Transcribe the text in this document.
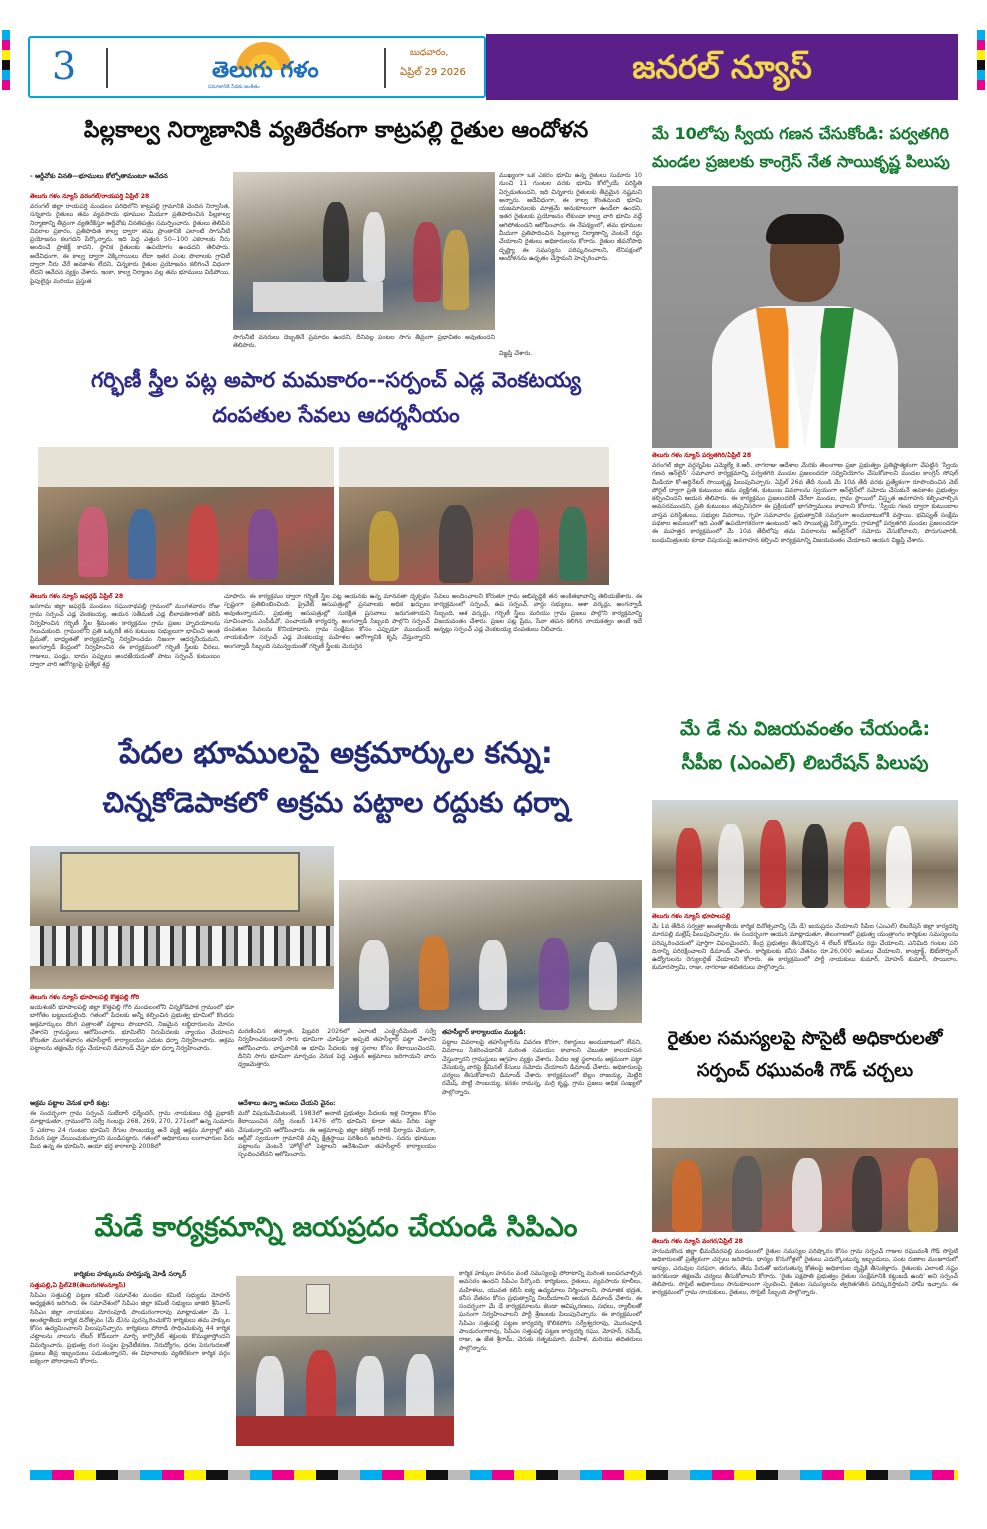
3	తెలుగు గళం
సమాజానికి సేవకు అంకితం
బుధవారం,
ఏప్రిల్ 29 2026	జనరల్ న్యూస్
పిల్లకాల్వ నిర్మాణానికి వ్యతిరేకంగా కాట్రపల్లి రైతుల ఆందోళన
- ఆర్డీవోకు వినతి—భూములు కోల్పోతామంటూ ఆవేదన
తెలుగు గళం న్యూస్ వరంగల్/రాయపర్తి ఏప్రిల్ 28
వరంగల్ జిల్లా రాయపర్తి మండలం పరిధిలోని కాట్రపల్లి గ్రామానికి చెందిన నిర్వాసిత, సన్నకారు రైతులు తమ వ్యవసాయ భూముల మీదుగా ప్రతిపాదించిన పిల్లకాల్వ నిర్మాణాన్ని తీవ్రంగా వ్యతిరేకిస్తూ ఆర్డీవోకు వినతిపత్రం సమర్పించారు. రైతులు తెలిపిన వివరాల ప్రకారం, ప్రతిపాదిత కాల్వ ద్వారా తమ ప్రాంతానికి ఎలాంటి సాగునీటి ప్రయోజనం కలగదని పేర్కొన్నారు. ఇది పెద్ద ఎత్తున 50--100 ఎకరాలకు నీరు అందించే ప్రాజెక్ట్ కాదని, స్థానిక రైతులకు ఉపయోగం ఉండదని తెలిపారు. అదేవిధంగా, ఈ కాల్వ ద్వారా వెక్కిరాయిలు లేదా ఇతర పంట పొలాలకు గ్రావిటీ ద్వారా నీరు చేరే అవకాశం లేదని, చిన్నకారు రైతుల ప్రయోజనం కలిగించే విధంగా లేదని ఆవేదన వ్యక్తం చేశారు. ఇంకా, కాల్వ నిర్మాణం వల్ల తమ భూములు విడిపోయి, పైపులైన్లు మరియు ప్రస్తుత
సాగునీటి వనరులు దెబ్బతినే ప్రమాదం ఉందని, దీనివల్ల పంటల సాగు తీవ్రంగా ప్రభావితం అవుతుందని తెలిపారు.
ముఖ్యంగా ఒక ఎకరం భూమి ఉన్న రైతులు సుమారు 10 నుంచి 11 గుంటల వరకు భూమి కోల్పోయే పరిస్థితి ఏర్పడుతుందని, ఇది చిన్నకారు రైతులకు తీవ్రమైన నష్టమని అన్నారు. అదేవిధంగా, ఈ కాల్వ కొంతమంది భూమి యజమానులకు మాత్రమే అనుకూలంగా ఉండేలా ఉందని, ఇతర రైతులకు ప్రయోజనం లేకుండా కాల్వ వారి భూమి వద్దే ఆగిపోతుందని ఆరోపించారు. ఈ నేపథ్యంలో, తమ భూముల మీదుగా ప్రతిపాదించిన పిల్లకాల్వ నిర్మాణాన్ని వెంటనే రద్దు చేయాలని రైతులు అధికారులను కోరారు. రైతుల జీవనోపాధి దృష్ట్యా ఈ సమస్యను పరిష్కరించాలని, లేనిపక్షంలో ఆందోళనను ఉధృతం చేస్తామని హెచ్చరించారు.
విజ్ఞప్తి చేశారు.
గర్భిణీ స్త్రీల పట్ల అపార మమకారం--సర్పంచ్ ఎడ్ల వెంకటయ్య
దంపతుల సేవలు ఆదర్శనీయం
తెలుగు గళం న్యూస్ జఫర్గఢ్ ఏప్రిల్ 28
జనగామ జిల్లా జఫర్గఢ్ మండలం రఘునాథపల్లి గ్రామంలో మంగళవారం రోజు గ్రామ సర్పంచ్ ఎడ్ల వెంకటయ్య, ఆయన సతీమణి ఎడ్ల లీలావతిగారితో కలిసి నిర్వహించిన గర్భిణీ స్త్రీల శ్రీమంతం కార్యక్రమం గ్రామ ప్రజల హృదయాలను గెలుచుకుంది. గ్రామంలోని ప్రతి ఒక్కరికీ తన కుటుంబ సభ్యులుగా భావించి అంత ప్రేమతో, బాధ్యతతో కార్యక్రమాన్ని నిర్వహించడం నిజంగా ఆదర్శనీయమని, అంగన్వాడీ కేంద్రంలో నిర్వహించిన ఈ కార్యక్రమంలో గర్భిణీ స్త్రీలకు చీరలు, గాజులు, పండ్లు, బాదం పప్పులు అందజేయడంతో పాటు సర్పంచ్ కుటుంబం ద్వారా వారి ఆరోగ్యంపై ప్రత్యేక శ్రద్ధ
చూపారు. ఈ కార్యక్రమం ద్వారా గర్భిణీ స్త్రీల పట్ల ఆయనకు ఉన్న మానవతా దృక్పథం స్పష్టంగా ప్రతిబింబించింది. ప్రైవేట్ ఆసుపత్రుల్లో ప్రసవాలకు అధిక ఖర్చులు అవుతున్నాయని, ప్రభుత్వ ఆసుపత్రుల్లో సురక్షిత ప్రసవాలు జరుగుతాయని సూచించారు. ఎంపీడీవో, పంచాయతీ కార్యదర్శి, అంగన్వాడీ సిబ్బంది పాల్గొని సర్పంచ్ దంపతుల సేవలను కొనియాడారు. గ్రామ సంక్షేమం కోసం ఎప్పుడూ ముందుండే నాయకుడిగా సర్పంచ్ ఎడ్ల వెంకటయ్య మహిళల ఆరోగ్యానికి కృషి చేస్తున్నారని అంగన్వాడీ సిబ్బంది సమన్వయంతో గర్భిణీ స్త్రీలకు మెరుగైన
సేవలు అందించాలని కోరుతూ గ్రామ అభివృద్ధికి తన అంకితభావాన్ని తెలియజేశారు. ఈ కార్యక్రమంలో సర్పంచ్, ఉప సర్పంచ్, వార్డు సభ్యులు, ఆశా వర్కర్లు, అంగన్వాడీ సిబ్బంది, ఆశ వర్కర్లు, గర్భిణీ స్త్రీలు మరియు గ్రామ ప్రజలు పాల్గొని కార్యక్రమాన్ని విజయవంతం చేశారు. ప్రజల పట్ల ప్రేమ, సేవా తపన కలిగిన నాయకత్వం అంటే ఇదే అన్నట్లు సర్పంచ్ ఎడ్ల వెంకటయ్య దంపతులు నిలిచారు.
పేదల భూములపై అక్రమార్కుల కన్ను:
చిన్నకోడెపాకలో అక్రమ పట్టాల రద్దుకు ధర్నా
తెలుగు గళం న్యూస్ భూపాలపల్లి కొత్తపల్లి గోరి
జయశంకర్ భూపాలపల్లి జిల్లా కొత్తపల్లి గోరి మండలంలోని చిన్నకోడెపాక గ్రామంలో భూ బాగోతం బట్టబయలైంది. గతంలో పేదలకు అన్నీ కల్పించిన ప్రభుత్వ భూమిలో కొందరు అక్రమార్కులు దొంగ పత్రాలతో పట్టాలు పొందారని, నిజమైన లబ్ధిదారులను మోసం చేశారని గ్రామస్థులు ఆరోపించారు. భూమిలేని నిరుపేదలకు న్యాయం చేయాలని కోరుతూ మంగళవారం తహసీల్దార్ కార్యాలయం ఎదుట ధర్నా నిర్వహించారు. అక్రమ పట్టాలను తక్షణమే రద్దు చేయాలని డిమాండ్ చేస్తూ భూ ధర్నా నిర్వహించారు.
అక్రమ పట్టాల వెనుక భారీ కుట్ర:
ఈ సందర్భంగా గ్రామ సర్పంచ్ సుబేదార్ ధర్మేందర్, గ్రామ నాయకులు రెడ్డి ప్రభాకర్ మాట్లాడుతూ, గ్రామంలోని సర్వే నంబర్లు 268, 269, 270, 271లలో ఉన్న సుమారు 5 ఎకరాల 24 గుంటల భూమిని రేగుల సాంబయ్య అనే వ్యక్తి అక్రమ మార్గాల్లో తన పేరున పట్టా చేయించుకున్నారని మండిపడ్డారు. గతంలో అధికారులు లంగాచారుల పేరు మీద ఉన్న ఈ భూమిని, ఆయా భర్త కారాలాపై 2008లో
మరణించిన తర్వాత, ఫిబ్రవరి 2026లో ఎలాంటి ఎంక్వైరీమెంట్ సర్వే నిర్వహించకుండానే సాగు భూమిగా చూపిస్తూ అప్పటి తహసీల్దార్ పట్టా చేశారని ఆరోపించారు. వాస్తవానికి ఆ భూమి పేదలకు ఇళ్ల స్థలాల కోసం కేటాయించిందని, దీనిని సాగు భూమిగా మార్చడం వెనుక పెద్ద ఎత్తున అక్రమాలు జరిగాయని వారు ధ్వజమెత్తారు.
ఆదేశాలు ఉన్నా అమలు చేయని వైనం:
మరో విషయమేమిటంటే, 1983లో అనాటి ప్రభుత్వం పేదలకు ఇళ్ల నిర్మాణం కోసం కేటాయించిన సర్వే నంబర్ 1476 లోని భూమిని కూడా తమ పేరిట పట్టా చేసుకున్నారని ఆరోపించారు. ఈ అక్రమాలపై జిల్లా కలెక్టర్ గారికి ఫిర్యాదు చేయగా, ఆర్డీవో స్వయంగా గ్రామానికి వచ్చి క్షేత్రస్థాయి పరిశీలన జరిపారు. సదరు భూముల పట్టాలను వెంటనే 'హోల్డ్'లో పెట్టాలని ఆదేశించినా తహసీల్దార్ కార్యాలయం స్పందించలేదని ఆరోపించారు.
తహసీల్దార్ కార్యాలయం ముట్టడి:
పట్టాల వివరాలపై తహసీల్దార్‌ను వివరణ కోరగా, రికార్డులు అందుబాటులో లేవని, వివరాలు సేకరించడానికి మరింత సమయం కావాలని చెబుతూ కాలయాపన చేస్తున్నారని గ్రామస్థులు ఆగ్రహం వ్యక్తం చేశారు. పేదల ఇళ్ల స్థలాలను అక్రమంగా పట్టా చేసుకున్న వారిపై క్రిమినల్ కేసులు నమోదు చేయాలని డిమాండ్ చేశారు. అధికారులపై చర్యలు తీసుకోవాలని డిమాండ్ చేశారు. కార్యక్రమంలో బెల్లం రాజయ్య, మెట్టిరి రమేష్, పొట్టి సాంబయ్య, కనకం రామన్న, మర్రి కృష్ణ, గ్రామ ప్రజలు అధిక సంఖ్యలో పాల్గొన్నారు.
మేడే కార్యక్రమాన్ని జయప్రదం చేయండి సిపిఎం
కార్మికుల హక్కులను హరిస్తున్న మోడీ సర్కార్
సత్తుపల్లి,ఏ ప్రిల్28(తెలుగుగళంన్యూస్)
సిపిఎం సత్తుపల్లి పట్టణ కమిటీ సమావేశం మండల కమిటీ సభ్యుడు మోహన్ అధ్యక్షతన జరిగింది. ఈ సమావేశంలో సిపిఎం జిల్లా కమిటీ సభ్యులు జాజిరి శ్రీనివాస్ సిపిఎం జిల్లా నాయకులు మోరంపూడి పాండురంగారావు మాట్లాడుతూ మే 1, అంతర్జాతీయ కార్మిక దినోత్సవం (మే డే)ను పురస్కరించుకొని కార్మికులు తమ హక్కుల కోసం ఉద్యమించాలని పిలుపునిచ్చారు. కార్మికులు పోరాడి సాధించుకున్న 44 కార్మిక చట్టాలను నాలుగు లేబర్ కోడ్‌లుగా మార్చి కార్పొరేట్ శక్తులకు కొమ్ముకాస్తోందని విమర్శించారు. ప్రభుత్వ రంగ సంస్థల ప్రైవేటీకరణ, నిరుద్యోగం, ధరల పెరుగుదలతో ప్రజలు తీవ్ర ఇబ్బందులు పడుతున్నారని, ఈ విధానాలకు వ్యతిరేకంగా కార్మిక వర్గం ఐక్యంగా పోరాడాలని కోరారు.
కార్మిక హక్కుల హననం వంటి సమస్యలపై పోరాటాన్ని మరింత బలపరచాల్సిన అవసరం ఉందని సిపిఎం పేర్కొంది. కార్మికులు, రైతులు, వ్యవసాయ కూలీలు, మహిళలు, యువత కలిసి ఐక్య ఉద్యమాలు నిర్మించాలని, సామాజిక భద్రత, కనీస వేతనం కోసం ప్రభుత్వాన్ని నిలదీయాలని ఆయన డిమాండ్ చేశారు. ఈ సందర్భంగా మే డే కార్యక్రమాలను జెండా ఆవిష్కరణలు, సభలు, ర్యాలీలతో ఘనంగా నిర్వహించాలని పార్టీ శ్రేణులకు పిలుపునిచ్చారు. ఈ కార్యక్రమంలో సిపిఎం సత్తుపల్లి పట్టణ కార్యదర్శి కొలికపోగు సర్వేశ్వరరావు, మొరంపూడి పాండురంగారావు, సిపిఎం సత్తుపల్లి పట్టణ కార్యదర్శి రఘు, మోహన్, రమేష్, రాజు, ఉ జేత శ్రీరామ్, చెరుకు రత్నకుమారి, మహిళ, మరియు తదితరులు పాల్గొన్నారు.
మే 10లోపు స్వీయ గణన చేసుకోండి: పర్వతగిరి
మండల ప్రజలకు కాంగ్రెస్ నేత సాయికృష్ణ పిలుపు
తెలుగు గళం న్యూస్ పర్వతగిరి/ఏప్రిల్ 28
వరంగల్ జిల్లా వర్ధన్నపేట ఎమ్మెల్యే కె.ఆర్. నాగరాజు ఆదేశాల మేరకు తెలంగాణ ప్రజా ప్రభుత్వం ప్రతిష్టాత్మకంగా చేపట్టిన 'స్వీయ గణన ఆన్‌లైన్' సమాచార కార్యక్రమాన్ని పర్వతగిరి మండల ప్రజలందరూ సద్వినియోగం చేసుకోవాలని మండల కాంగ్రెస్ సోషల్ మీడియా కో-ఆర్డినేటర్ సాయికృష్ణ పిలుపునిచ్చారు. ఏప్రిల్ 26వ తేదీ నుండి మే 10వ తేదీ వరకు ప్రత్యేకంగా రూపొందించిన వెబ్ పోర్టల్ ద్వారా ప్రతి కుటుంబం తమ వ్యక్తిగత, కుటుంబ వివరాలను స్వయంగా ఆన్‌లైన్‌లో నమోదు చేసుకునే అవకాశం ప్రభుత్వం కల్పించిందని ఆయన తెలిపారు. ఈ కార్యక్రమం ప్రజలందరికీ చేరేలా మండల, గ్రామ స్థాయిలో విస్తృత అవగాహన కల్పించాల్సిన అవసరముందని, ప్రతి కుటుంబం తప్పనిసరిగా ఈ ప్రక్రియలో భాగస్వాములు కావాలని కోరారు. 'స్వీయ గణన ద్వారా కుటుంబాల వాస్తవ పరిస్థితులు, సభ్యుల వివరాలు, గృహ సమాచారం ప్రభుత్వానికి సమగ్రంగా అందుబాటులోకి వస్తాయి. భవిష్యత్ సంక్షేమ పథకాల అమలులో ఇది ఎంతో ఉపయోగకరంగా ఉంటుంది' అని సాయికృష్ణ పేర్కొన్నారు. గ్రామాల్లో పర్వతగిరి మండల ప్రజలందరూ ఈ మహత్తర కార్యక్రమంలో మే 10వ తేదీలోపు తమ వివరాలను ఆన్‌లైన్‌లో నమోదు చేసుకోవాలని, పొరుగువారికి, బంధుమిత్రులకు కూడా విషయంపై అవగాహన కల్పించి కార్యక్రమాన్ని విజయవంతం చేయాలని ఆయన విజ్ఞప్తి చేశారు.
మే డే ను విజయవంతం చేయండి:
సీపీఐ (ఎంఎల్) లిబరేషన్ పిలుపు
తెలుగు గళం న్యూస్ భూపాలపల్లి
మే 1వ తేదీన సర్వత్రా అంతర్జాతీయ కార్మిక దినోత్సవాన్ని (మే డే) జయప్రదం చేయాలని సీపీఐ (ఎంఎల్) లిబరేషన్ జిల్లా కార్యదర్శి మారపల్లి మల్లేష్ పిలుపునిచ్చారు. ఈ సందర్భంగా ఆయన మాట్లాడుతూ, తెలంగాణలో ప్రభుత్వ యంత్రాంగం కార్మికుల సమస్యలను పరిష్కరించడంలో పూర్తిగా విఫలమైందని, కేంద్ర ప్రభుత్వం తీసుకొచ్చిన 4 లేబర్ కోడ్‌లను రద్దు చేయాలని, ఎనిమిది గంటల పని దినాన్ని పరిరక్షించాలని డిమాండ్ చేశారు. కార్మికులకు కనీస వేతనం రూ.26,000 అమలు చేయాలని, కాంట్రాక్ట్, ఔట్‌సోర్సింగ్ ఉద్యోగులను రెగ్యులరైజ్ చేయాలని కోరారు. ఈ కార్యక్రమంలో పార్టీ నాయకులు కుమార్, మోహన్ కుమార్, సాయిరాం, కుమారస్వామి, రాజు, నాగరాజు తదితరులు పాల్గొన్నారు.
రైతుల సమస్యలపై సొసైటీ అధికారులతో
సర్పంచ్ రఘువంశీ గౌడ్ చర్చలు
తెలుగు గళం న్యూస్ వంగర/ఏప్రిల్ 28
హనుమకొండ జిల్లా భీమదేవరపల్లి మండలంలో రైతుల సమస్యల పరిష్కారం కోసం గ్రామ సర్పంచ్ గాజుల రఘువంశీ గౌడ్ సొసైటీ అధికారులతో ప్రత్యేకంగా చర్చలు జరిపారు. ధాన్యం కొనుగోళ్లలో రైతులు ఎదుర్కొంటున్న ఇబ్బందులు, పంట రుణాల మంజూరులో జాప్యం, ఎరువుల సరఫరా, తరుగు, తేమ పేరుతో జరుగుతున్న కోతలపై అధికారుల దృష్టికి తీసుకెళ్లారు. రైతులకు ఎలాంటి నష్టం జరగకుండా తక్షణమే చర్యలు తీసుకోవాలని కోరారు. 'రైతు పక్షపాతి ప్రభుత్వం రైతుల సంక్షేమానికి కట్టుబడి ఉంది' అని సర్పంచ్ తెలిపారు. సొసైటీ అధికారులు సానుకూలంగా స్పందించి, రైతుల సమస్యలను త్వరితగతిన పరిష్కరిస్తామని హామీ ఇచ్చారు. ఈ కార్యక్రమంలో గ్రామ నాయకులు, రైతులు, సొసైటీ సిబ్బంది పాల్గొన్నారు.
